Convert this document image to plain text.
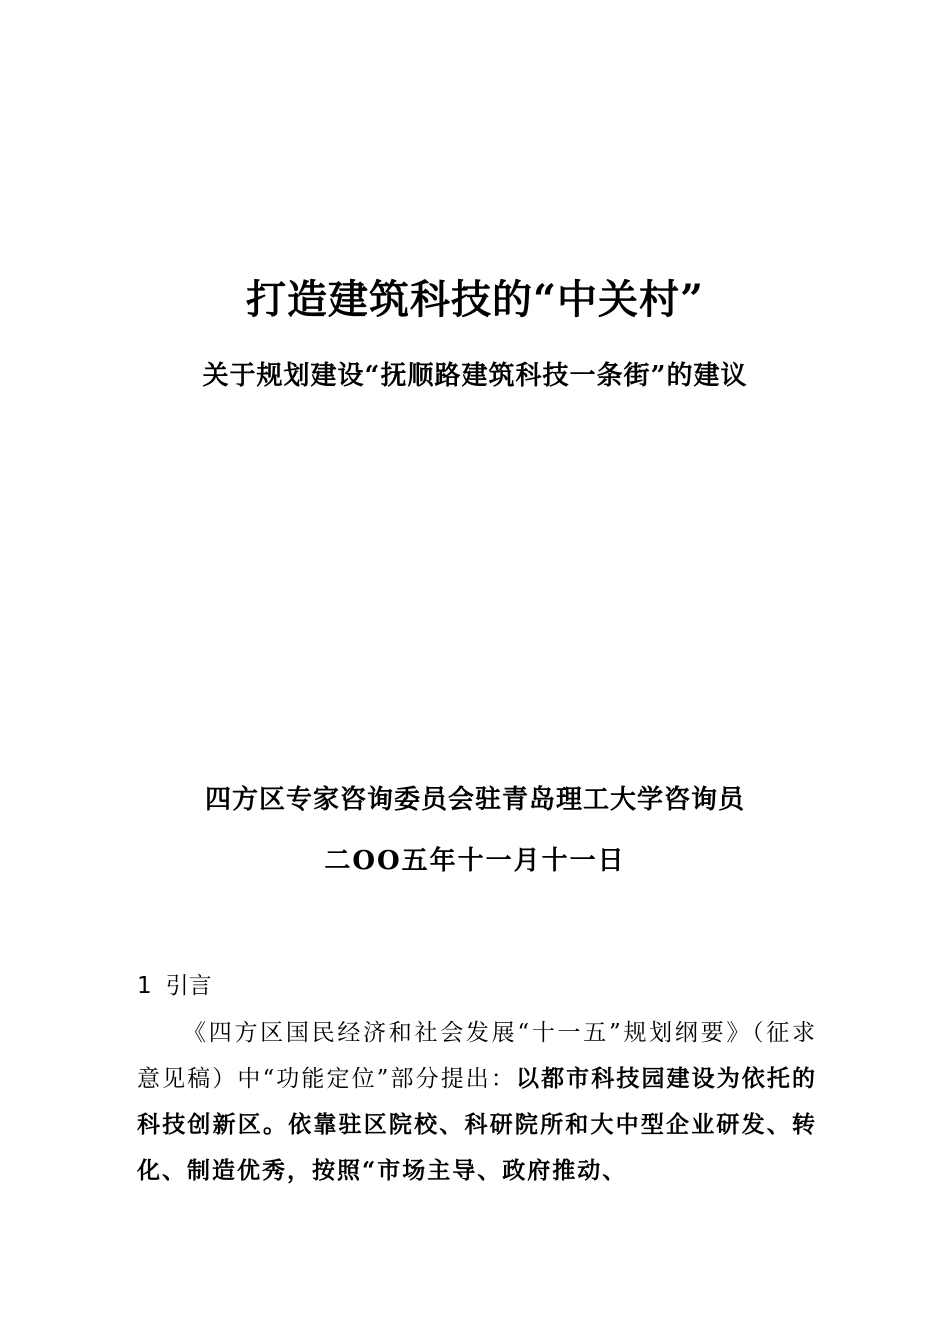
打造建筑科技的“中关村”
关于规划建设“抚顺路建筑科技一条街”的建议
四方区专家咨询委员会驻青岛理工大学咨询员
二OO五年十一月十一日
1 引言

《四方区国民经济和社会发展“十一五”规划纲要》（征求意见稿）中“功能定位”部分提出：以都市科技园建设为依托的科技创新区。依靠驻区院校、科研院所和大中型企业研发、转化、制造优秀，按照“市场主导、政府推动、
